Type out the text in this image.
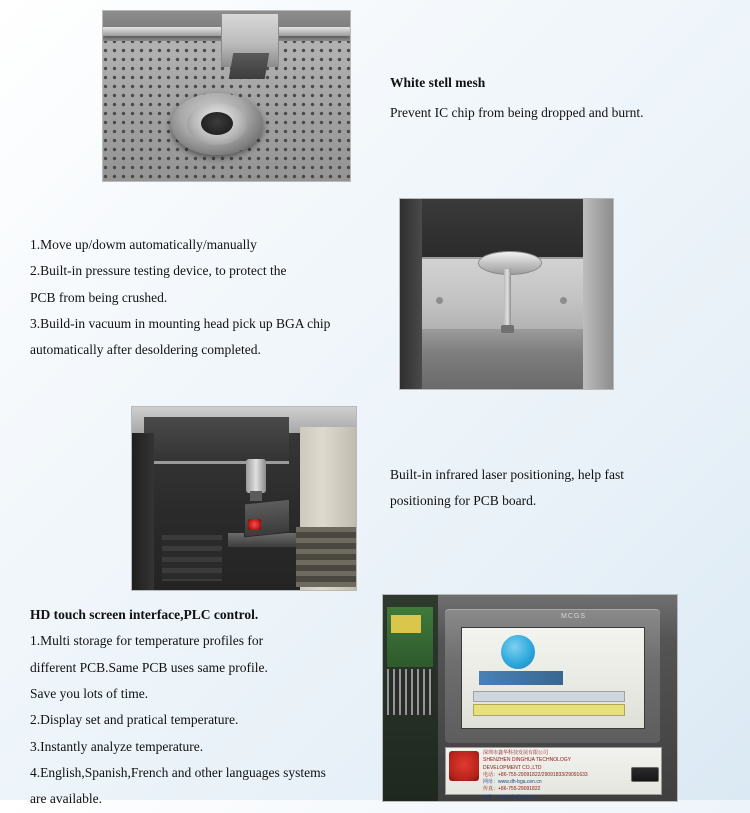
White stell mesh
Prevent IC chip from being dropped and burnt.
1.Move up/dowm automatically/manually
2.Built-in pressure testing device, to protect the
PCB from being crushed.
3.Build-in vacuum in mounting head pick up BGA chip
automatically after desoldering completed.
Built-in infrared laser positioning, help fast
positioning for PCB board.
HD touch screen interface,PLC control.
1.Multi storage for temperature profiles for
different PCB.Same PCB uses same profile.
Save you lots of time.
2.Display set and pratical temperature.
3.Instantly analyze temperature.
4.English,Spanish,French and other languages systems
are available.
MCGS
深圳市鑫华科技发展有限公司
SHENZHEN DINGHUA TECHNOLOGY DEVELOPMENT CO.,LTD
电话：+86-755-29091822/29091833/29091633
网址：www.dh-bga.cen.cn
传真：+86-755-29091822
web：www.sinobga.com
USB 2.0
